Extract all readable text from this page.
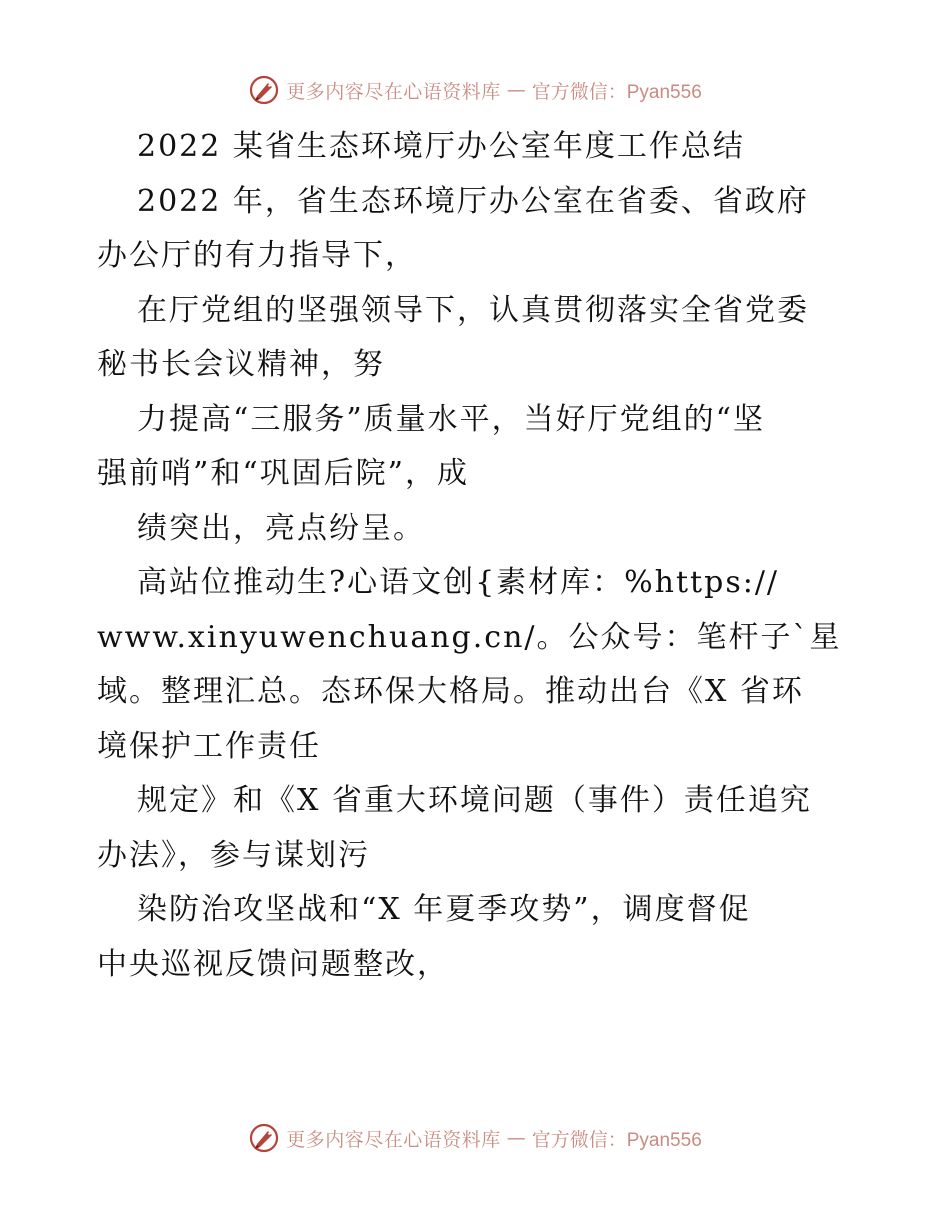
更多内容尽在心语资料库 — 官方微信：Pyan556
2022 某省生态环境厅办公室年度工作总结
2022 年，省生态环境厅办公室在省委、省政府
办公厅的有力指导下，
在厅党组的坚强领导下，认真贯彻落实全省党委
秘书长会议精神，努
力提高“三服务”质量水平，当好厅党组的“坚
强前哨”和“巩固后院”，成
绩突出，亮点纷呈。
高站位推动生?心语文创{素材库：%https://
www.xinyuwenchuang.cn/。公众号：笔杆子`星
域。整理汇总。态环保大格局。推动出台《X 省环
境保护工作责任
规定》和《X 省重大环境问题（事件）责任追究
办法》，参与谋划污
染防治攻坚战和“X 年夏季攻势”，调度督促
中央巡视反馈问题整改，
更多内容尽在心语资料库 — 官方微信：Pyan556
